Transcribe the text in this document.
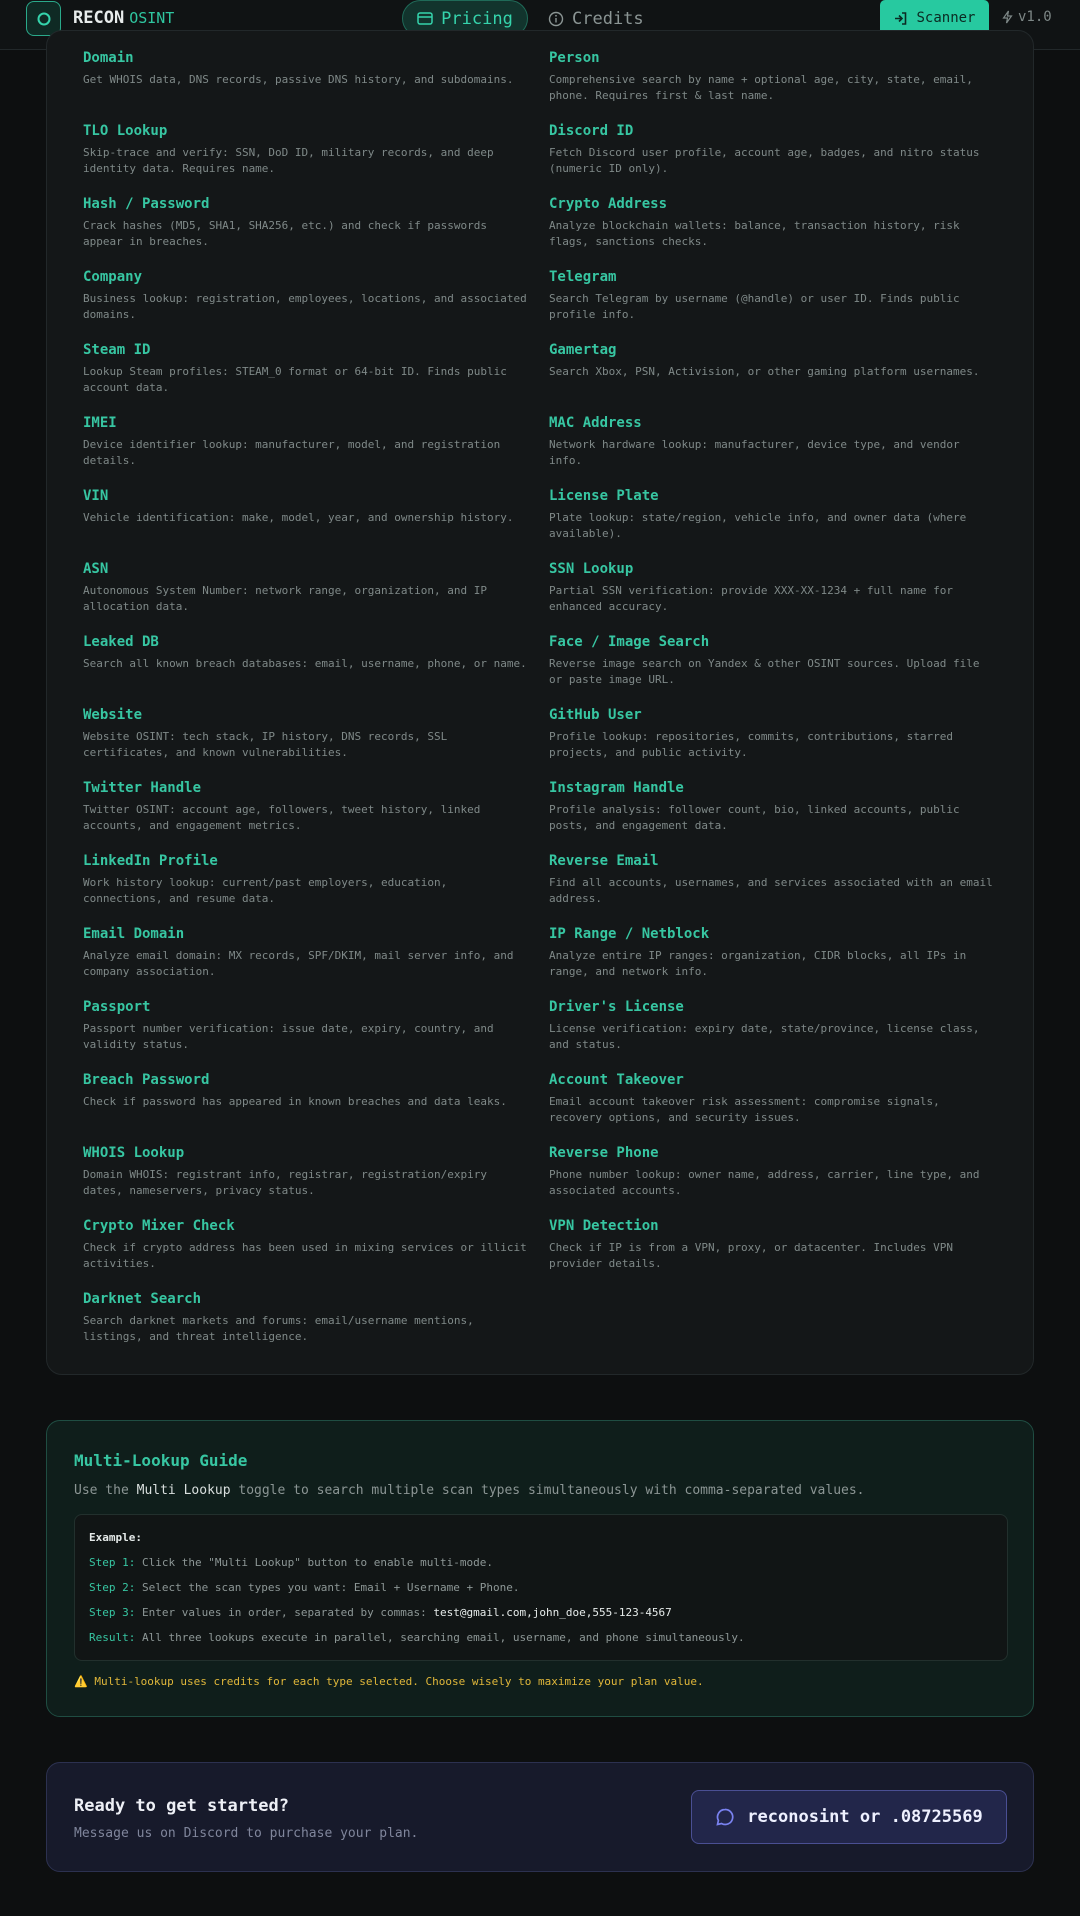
RECON OSINT	Pricing	Credits	Scanner	v1.0
Domain
Get WHOIS data, DNS records, passive DNS history, and subdomains.
Person
Comprehensive search by name + optional age, city, state, email, phone. Requires first & last name.
TLO Lookup
Skip-trace and verify: SSN, DoD ID, military records, and deep identity data. Requires name.
Discord ID
Fetch Discord user profile, account age, badges, and nitro status (numeric ID only).
Hash / Password
Crack hashes (MD5, SHA1, SHA256, etc.) and check if passwords appear in breaches.
Crypto Address
Analyze blockchain wallets: balance, transaction history, risk flags, sanctions checks.
Company
Business lookup: registration, employees, locations, and associated domains.
Telegram
Search Telegram by username (@handle) or user ID. Finds public profile info.
Steam ID
Lookup Steam profiles: STEAM_0 format or 64-bit ID. Finds public account data.
Gamertag
Search Xbox, PSN, Activision, or other gaming platform usernames.
IMEI
Device identifier lookup: manufacturer, model, and registration details.
MAC Address
Network hardware lookup: manufacturer, device type, and vendor info.
VIN
Vehicle identification: make, model, year, and ownership history.
License Plate
Plate lookup: state/region, vehicle info, and owner data (where available).
ASN
Autonomous System Number: network range, organization, and IP allocation data.
SSN Lookup
Partial SSN verification: provide XXX-XX-1234 + full name for enhanced accuracy.
Leaked DB
Search all known breach databases: email, username, phone, or name.
Face / Image Search
Reverse image search on Yandex & other OSINT sources. Upload file or paste image URL.
Website
Website OSINT: tech stack, IP history, DNS records, SSL certificates, and known vulnerabilities.
GitHub User
Profile lookup: repositories, commits, contributions, starred projects, and public activity.
Twitter Handle
Twitter OSINT: account age, followers, tweet history, linked accounts, and engagement metrics.
Instagram Handle
Profile analysis: follower count, bio, linked accounts, public posts, and engagement data.
LinkedIn Profile
Work history lookup: current/past employers, education, connections, and resume data.
Reverse Email
Find all accounts, usernames, and services associated with an email address.
Email Domain
Analyze email domain: MX records, SPF/DKIM, mail server info, and company association.
IP Range / Netblock
Analyze entire IP ranges: organization, CIDR blocks, all IPs in range, and network info.
Passport
Passport number verification: issue date, expiry, country, and validity status.
Driver's License
License verification: expiry date, state/province, license class, and status.
Breach Password
Check if password has appeared in known breaches and data leaks.
Account Takeover
Email account takeover risk assessment: compromise signals, recovery options, and security issues.
WHOIS Lookup
Domain WHOIS: registrant info, registrar, registration/expiry dates, nameservers, privacy status.
Reverse Phone
Phone number lookup: owner name, address, carrier, line type, and associated accounts.
Crypto Mixer Check
Check if crypto address has been used in mixing services or illicit activities.
VPN Detection
Check if IP is from a VPN, proxy, or datacenter. Includes VPN provider details.
Darknet Search
Search darknet markets and forums: email/username mentions, listings, and threat intelligence.
Multi-Lookup Guide
Use the Multi Lookup toggle to search multiple scan types simultaneously with comma-separated values.
Example:
Step 1: Click the "Multi Lookup" button to enable multi-mode.
Step 2: Select the scan types you want: Email + Username + Phone.
Step 3: Enter values in order, separated by commas: test@gmail.com,john_doe,555-123-4567
Result: All three lookups execute in parallel, searching email, username, and phone simultaneously.
⚠️ Multi-lookup uses credits for each type selected. Choose wisely to maximize your plan value.
Ready to get started?
Message us on Discord to purchase your plan.
reconosint or .08725569
